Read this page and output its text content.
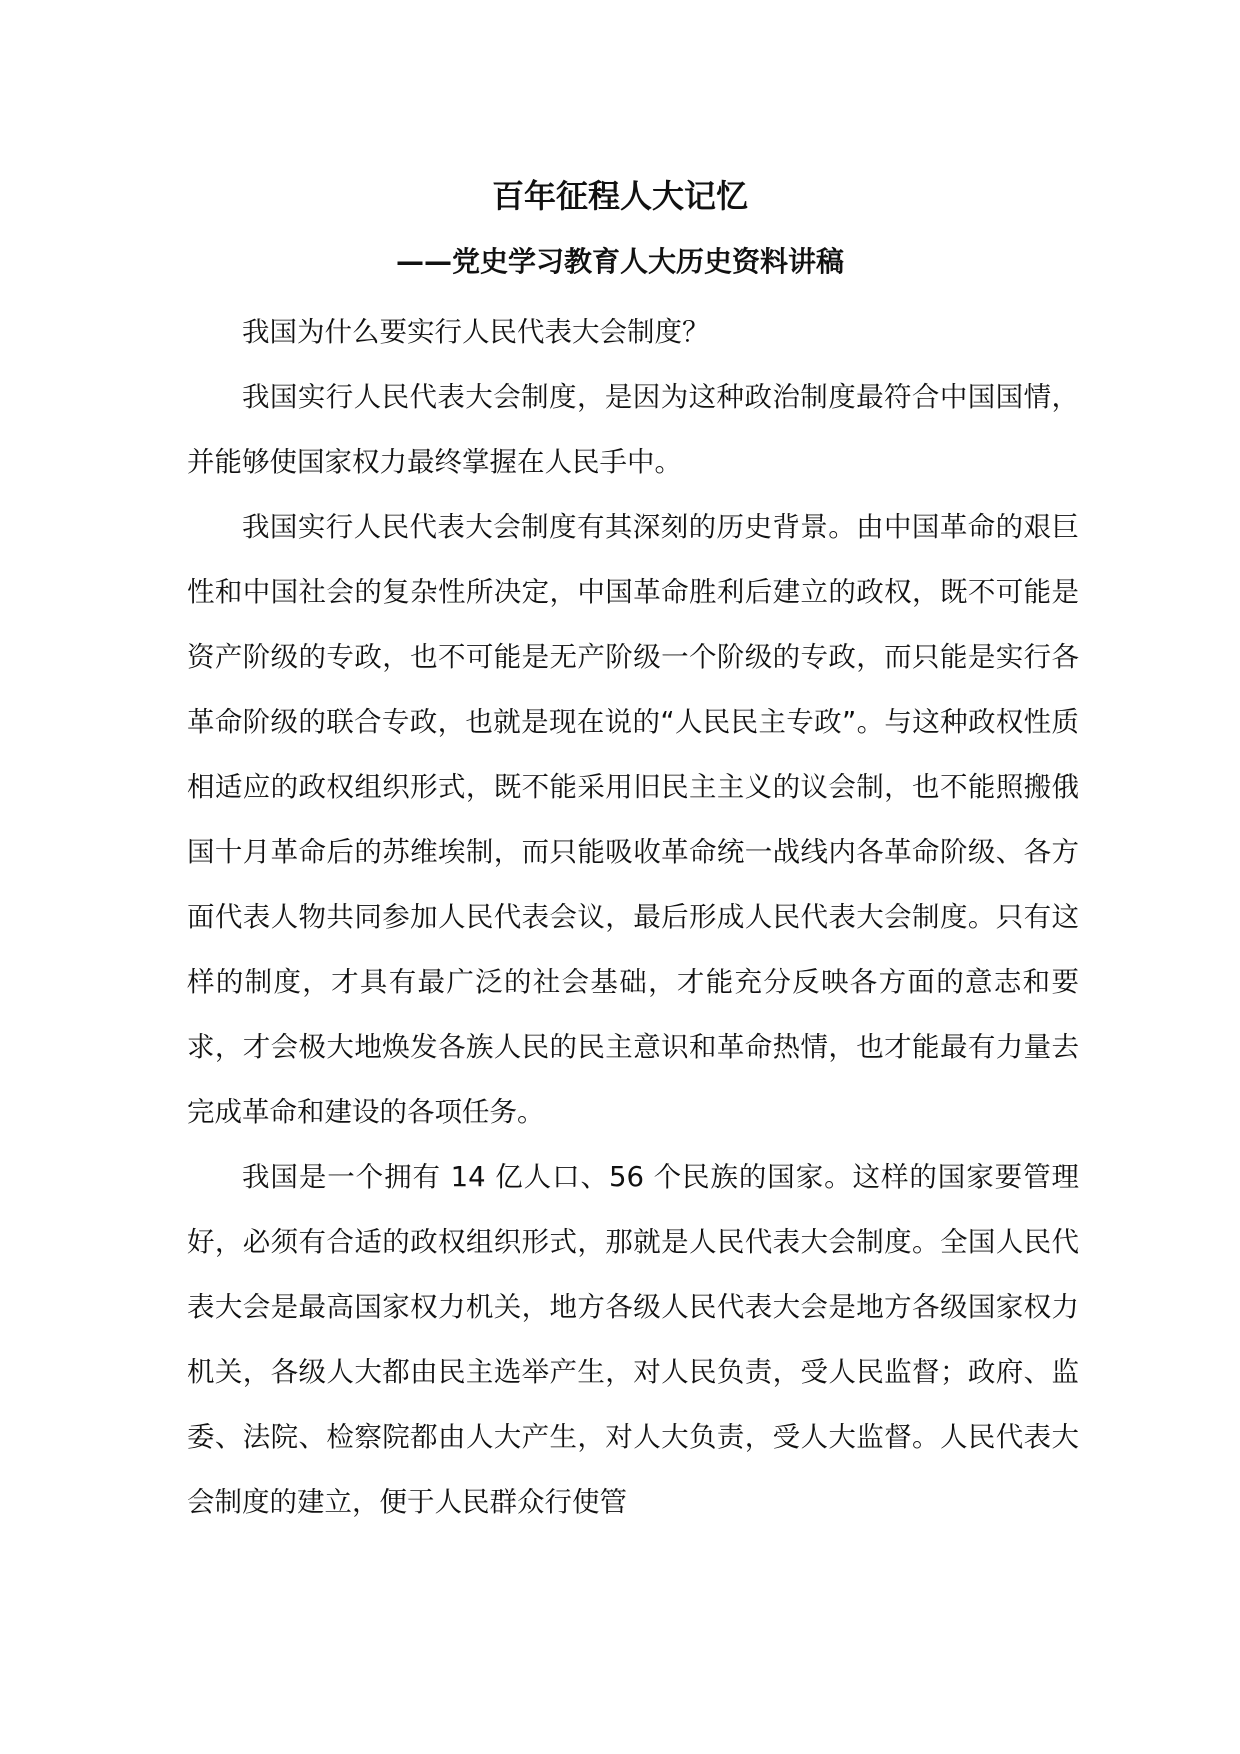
百年征程人大记忆
——党史学习教育人大历史资料讲稿

我国为什么要实行人民代表大会制度？

我国实行人民代表大会制度，是因为这种政治制度最符合中国国情，并能够使国家权力最终掌握在人民手中。

我国实行人民代表大会制度有其深刻的历史背景。由中国革命的艰巨性和中国社会的复杂性所决定，中国革命胜利后建立的政权，既不可能是资产阶级的专政，也不可能是无产阶级一个阶级的专政，而只能是实行各革命阶级的联合专政，也就是现在说的“人民民主专政”。与这种政权性质相适应的政权组织形式，既不能采用旧民主主义的议会制，也不能照搬俄国十月革命后的苏维埃制，而只能吸收革命统一战线内各革命阶级、各方面代表人物共同参加人民代表会议，最后形成人民代表大会制度。只有这样的制度，才具有最广泛的社会基础，才能充分反映各方面的意志和要求，才会极大地焕发各族人民的民主意识和革命热情，也才能最有力量去完成革命和建设的各项任务。

我国是一个拥有 14 亿人口、56 个民族的国家。这样的国家要管理好，必须有合适的政权组织形式，那就是人民代表大会制度。全国人民代表大会是最高国家权力机关，地方各级人民代表大会是地方各级国家权力机关，各级人大都由民主选举产生，对人民负责，受人民监督；政府、监委、法院、检察院都由人大产生，对人大负责，受人大监督。人民代表大会制度的建立，便于人民群众行使管
